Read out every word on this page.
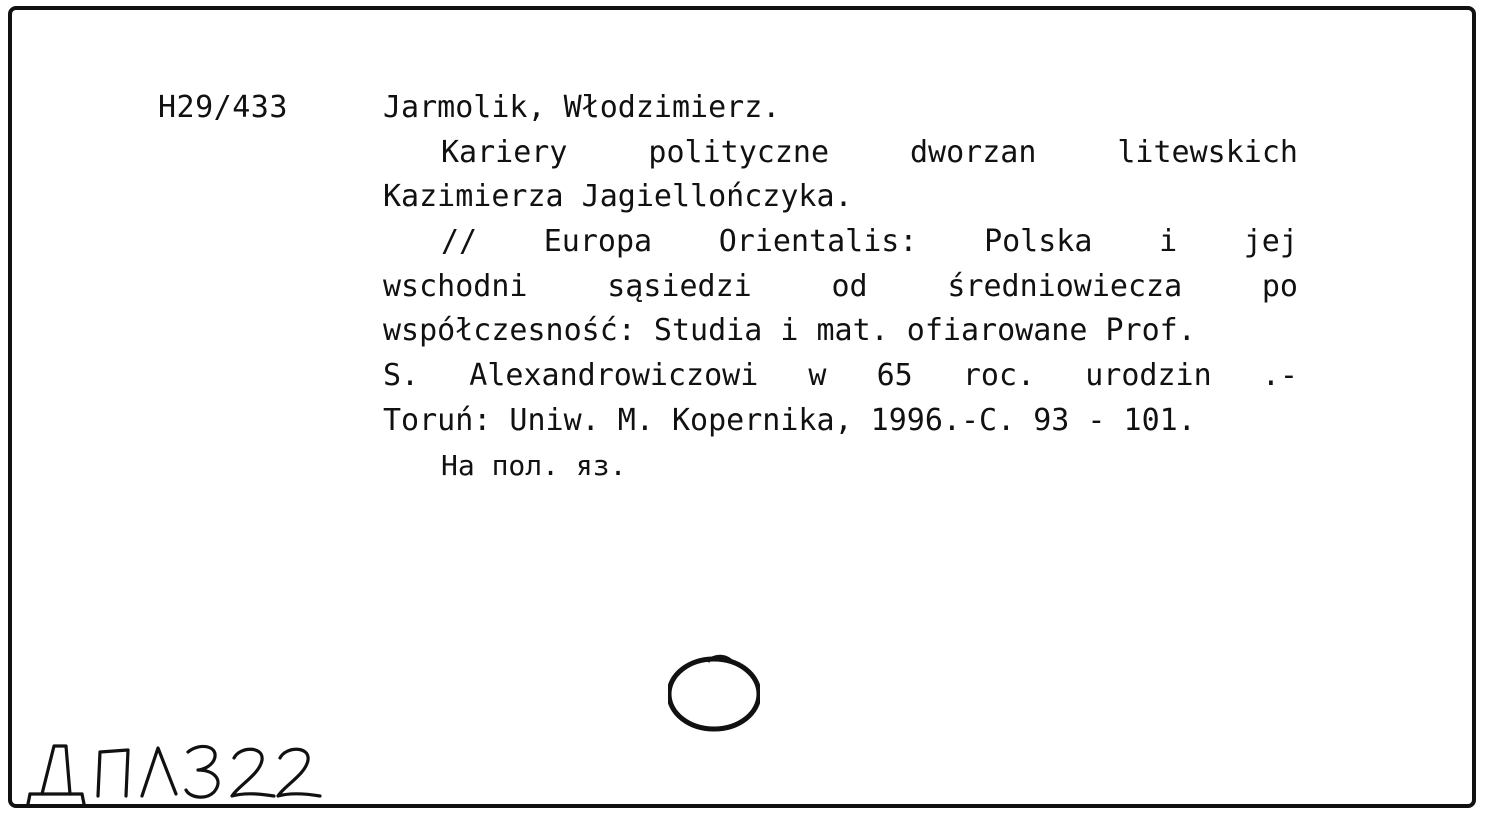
H29/433	Jarmolik, Włodzimierz.
Kariery	polityczne	dworzan	litewskich
Kazimierza Jagiellończyka.
// Europa Orientalis: Polska i jej
wschodni	sąsiedzi	od	średniowiecza	po
współczesność: Studia i mat. ofiarowane Prof.
S. Alexandrowiczowi w 65 roc. urodzin .-
Toruń: Uniw. M. Kopernika, 1996.-C. 93 - 101.
На пол. яз.
